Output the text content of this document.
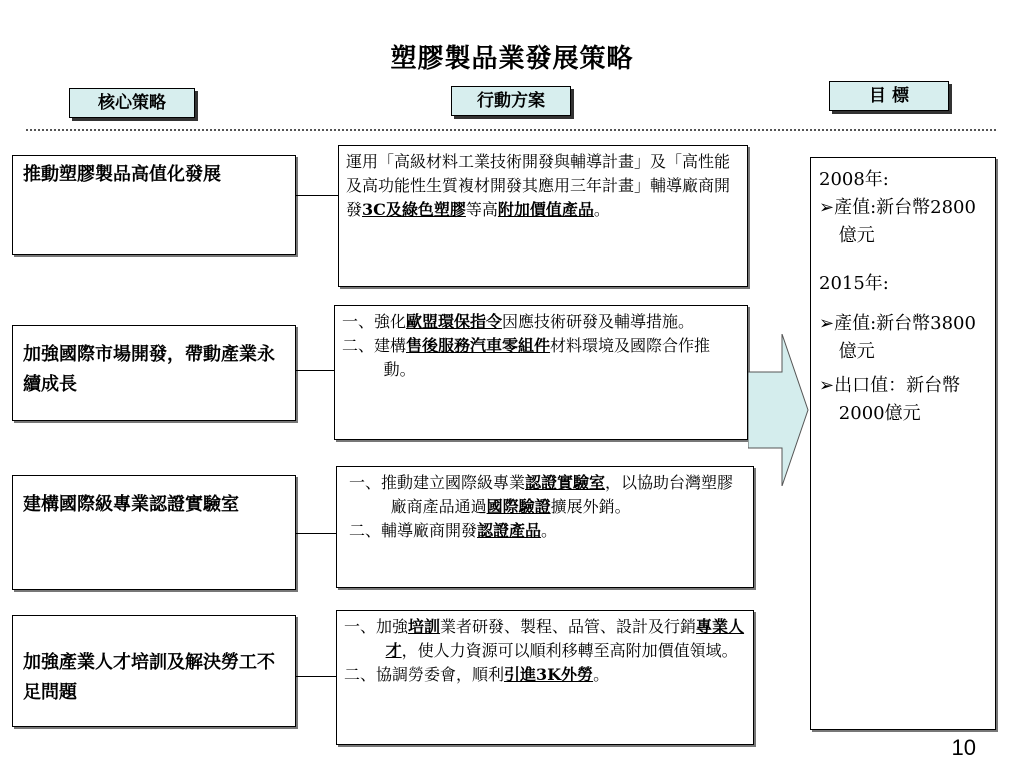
塑膠製品業發展策略
核心策略	行動方案	目 標
推動塑膠製品高值化發展
加強國際市場開發，帶動產業永續成長
建構國際級專業認證實驗室
加強產業人才培訓及解決勞工不足問題

運用「高級材料工業技術開發與輔導計畫」及「高性能及高功能性生質複材開發其應用三年計畫」輔導廠商開發3C及綠色塑膠等高附加價值產品。

一、強化歐盟環保指令因應技術研發及輔導措施。

二、建構售後服務汽車零組件材料環境及國際合作推動。

一、推動建立國際級專業認證實驗室，以協助台灣塑膠廠商產品通過國際驗證擴展外銷。

二、輔導廠商開發認證產品。

一、加強培訓業者研發、製程、品管、設計及行銷專業人才，使人力資源可以順利移轉至高附加價值領域。

二、協調勞委會，順利引進3K外勞。

2008年:

➢產值:新台幣2800億元

2015年:

➢產值:新台幣3800億元

➢出口值：新台幣2000億元

10
